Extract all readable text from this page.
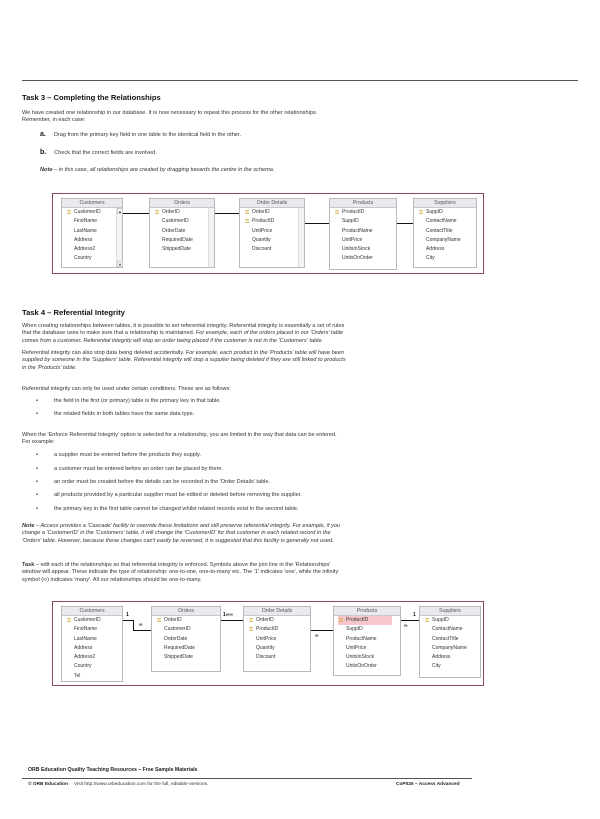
Task 3 – Completing the Relationships
We have created one relationship in our database. It is now necessary to repeat this process for the other relationships.
Remember, in each case:
a. Drag from the primary key field in one table to the identical field in the other.
b. Check that the correct fields are involved.
Note – in this case, all relationships are created by dragging towards the centre in the schema.
Customers
⚿ CustomerID
FirstName
LastName
Address
Address2
Country
▲
▼
Orders
⚿ OrderID
CustomerID
OrderDate
RequiredDate
ShippedDate
Order Details
⚿ OrderID
⚿ ProductID
UnitPrice
Quantity
Discount
Products
⚿ ProductID
SuppID
ProductName
UnitPrice
UnitsInStock
UnitsOnOrder
Suppliers
⚿ SuppID
ContactName
ContactTitle
CompanyName
Address
City
Task 4 – Referential Integrity
When creating relationships between tables, it is possible to set referential integrity. Referential integrity is essentially a set of rules
that the database uses to make sure that a relationship is maintained. For example, each of the orders placed in our 'Orders' table
comes from a customer. Referential integrity will stop an order being placed if the customer is not in the 'Customers' table.
Referential integrity can also stop data being deleted accidentally. For example, each product in the 'Products' table will have been
supplied by someone in the 'Suppliers' table. Referential integrity will stop a supplier being deleted if they are still linked to products
in the 'Products' table.
Referential integrity can only be used under certain conditions. These are as follows:
•	the field in the first (or primary) table is the primary key in that table.
•	the related fields in both tables have the same data type.
When the 'Enforce Referential Integrity' option is selected for a relationship, you are limited in the way that data can be entered.
For example:
•	a supplier must be entered before the products they supply.
•	a customer must be entered before an order can be placed by them.
•	an order must be created before the details can be recorded in the 'Order Details' table.
•	all products provided by a particular supplier must be edited or deleted before removing the supplier.
•	the primary key in the first table cannot be changed whilst related records exist in the second table.
Note – Access provides a 'Cascade' facility to override these limitations and still preserve referential integrity. For example, if you
change a 'CustomerID' in the 'Customers' table, it will change the 'CustomerID' for that customer in each related record in the
'Orders' table. However, because these changes can't easily be reversed, it is suggested that this facility is generally not used.
Task – edit each of the relationships so that referential integrity is enforced. Symbols above the join line in the 'Relationships'
window will appear. These indicate the type of relationship: one-to-one, one-to-many etc. The '1' indicates 'one', while the infinity
symbol (∞) indicates 'many'. All our relationships should be one-to-many.
Customers
⚿ CustomerID
FirstName
LastName
Address
Address2
Country
Tel
Orders
⚿ OrderID
CustomerID
OrderDate
RequiredDate
ShippedDate
Order Details
⚿ OrderID
⚿ ProductID
UnitPrice
Quantity
Discount
Products
⚿ ProductID
SuppID
ProductName
UnitPrice
UnitsInStock
UnitsOnOrder
Suppliers
⚿ SuppID
ContactName
ContactTitle
CompanyName
Address
City
1
∞
1∞∞
∞
∞
1
ORB Education Quality Teaching Resources – Free Sample Materials
© ORB Education Visit http://www.orbeducation.com for the full, editable versions.	CoP025 – Access Advanced
